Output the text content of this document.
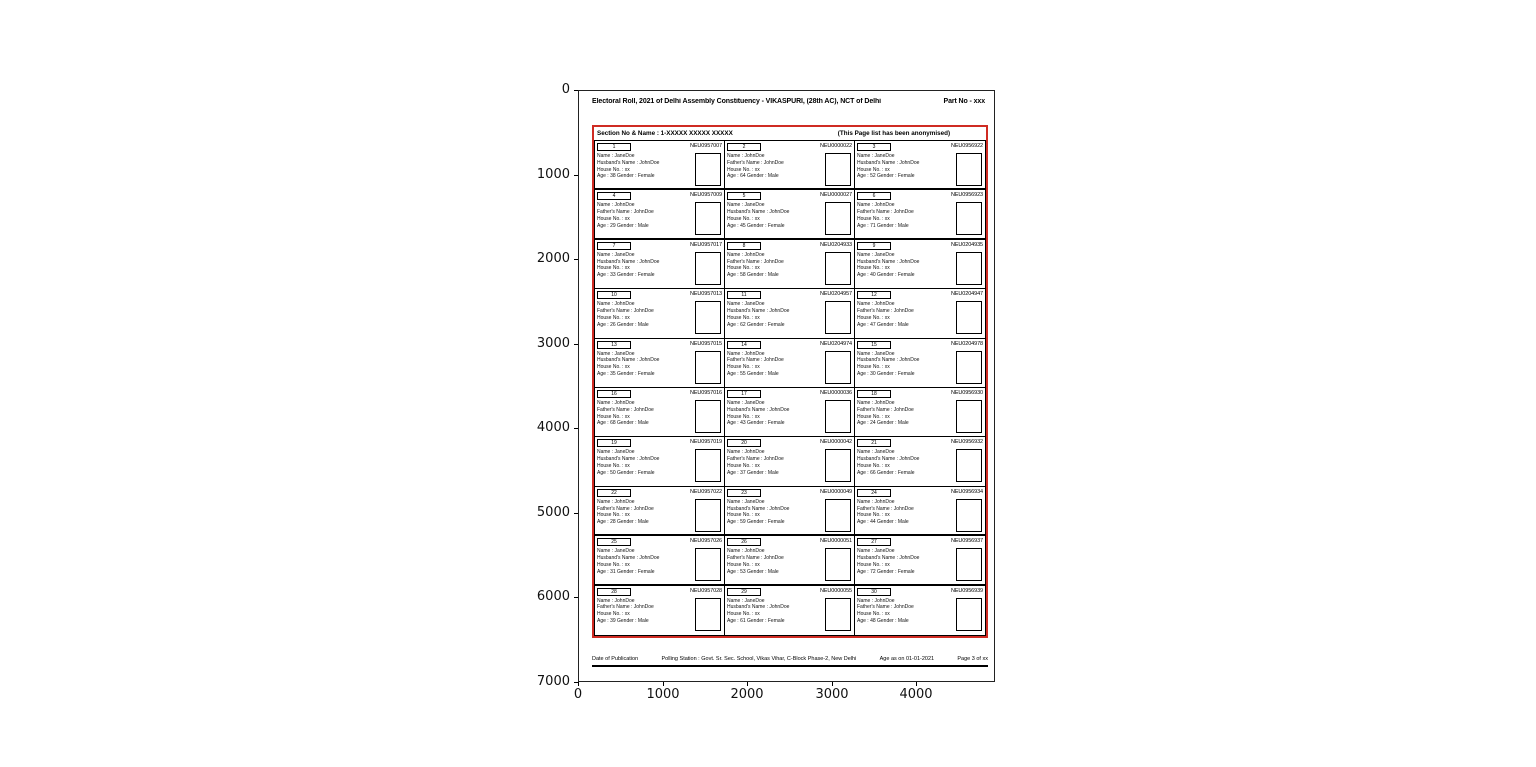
0
1000
2000
3000
4000
5000
6000
7000
0	1000	2000	3000	4000
Electoral Roll, 2021 of Delhi Assembly Constituency - VIKASPURI, (28th AC), NCT of Delhi	Part No - xxx
Section No & Name : 1-XXXXX XXXXX XXXXX	(This Page list has been anonymised)
1	NEU0957007
Name : JaneDoe
Husband's Name : JohnDoe
House No. : xx
Age : 38 Gender : Female
2	NEU0000022
Name : JohnDoe
Father's Name : JohnDoe
House No. : xx
Age : 64 Gender : Male
3	NEU0956922
Name : JaneDoe
Husband's Name : JohnDoe
House No. : xx
Age : 52 Gender : Female
4	NEU0957009
Name : JohnDoe
Father's Name : JohnDoe
House No. : xx
Age : 29 Gender : Male
5	NEU0000027
Name : JaneDoe
Husband's Name : JohnDoe
House No. : xx
Age : 45 Gender : Female
6	NEU0956923
Name : JohnDoe
Father's Name : JohnDoe
House No. : xx
Age : 71 Gender : Male
7	NEU0957017
Name : JaneDoe
Husband's Name : JohnDoe
House No. : xx
Age : 33 Gender : Female
8	NEU0204933
Name : JohnDoe
Father's Name : JohnDoe
House No. : xx
Age : 58 Gender : Male
9	NEU0204935
Name : JaneDoe
Husband's Name : JohnDoe
House No. : xx
Age : 40 Gender : Female
10	NEU0957013
Name : JohnDoe
Father's Name : JohnDoe
House No. : xx
Age : 26 Gender : Male
11	NEU0204957
Name : JaneDoe
Husband's Name : JohnDoe
House No. : xx
Age : 62 Gender : Female
12	NEU0204947
Name : JohnDoe
Father's Name : JohnDoe
House No. : xx
Age : 47 Gender : Male
13	NEU0957015
Name : JaneDoe
Husband's Name : JohnDoe
House No. : xx
Age : 35 Gender : Female
14	NEU0204974
Name : JohnDoe
Father's Name : JohnDoe
House No. : xx
Age : 55 Gender : Male
15	NEU0204978
Name : JaneDoe
Husband's Name : JohnDoe
House No. : xx
Age : 30 Gender : Female
16	NEU0957016
Name : JohnDoe
Father's Name : JohnDoe
House No. : xx
Age : 68 Gender : Male
17	NEU0000036
Name : JaneDoe
Husband's Name : JohnDoe
House No. : xx
Age : 43 Gender : Female
18	NEU0956930
Name : JohnDoe
Father's Name : JohnDoe
House No. : xx
Age : 24 Gender : Male
19	NEU0957019
Name : JaneDoe
Husband's Name : JohnDoe
House No. : xx
Age : 50 Gender : Female
20	NEU0000042
Name : JohnDoe
Father's Name : JohnDoe
House No. : xx
Age : 37 Gender : Male
21	NEU0956932
Name : JaneDoe
Husband's Name : JohnDoe
House No. : xx
Age : 66 Gender : Female
22	NEU0957022
Name : JohnDoe
Father's Name : JohnDoe
House No. : xx
Age : 28 Gender : Male
23	NEU0000049
Name : JaneDoe
Husband's Name : JohnDoe
House No. : xx
Age : 59 Gender : Female
24	NEU0956934
Name : JohnDoe
Father's Name : JohnDoe
House No. : xx
Age : 44 Gender : Male
25	NEU0957026
Name : JaneDoe
Husband's Name : JohnDoe
House No. : xx
Age : 31 Gender : Female
26	NEU0000051
Name : JohnDoe
Father's Name : JohnDoe
House No. : xx
Age : 53 Gender : Male
27	NEU0956937
Name : JaneDoe
Husband's Name : JohnDoe
House No. : xx
Age : 72 Gender : Female
28	NEU0957028
Name : JohnDoe
Father's Name : JohnDoe
House No. : xx
Age : 39 Gender : Male
29	NEU0000055
Name : JaneDoe
Husband's Name : JohnDoe
House No. : xx
Age : 61 Gender : Female
30	NEU0956939
Name : JohnDoe
Father's Name : JohnDoe
House No. : xx
Age : 48 Gender : Male
Date of Publication	Polling Station : Govt. Sr. Sec. School, Vikas Vihar, C-Block Phase-2, New Delhi	Age as on 01-01-2021	Page 3 of xx
